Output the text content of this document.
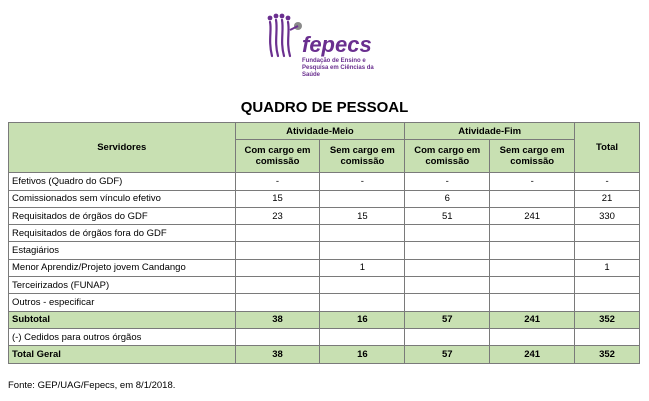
fepecs
Fundação de Ensino e Pesquisa em Ciências da Saúde
QUADRO DE PESSOAL
Servidores	Atividade-Meio		Atividade-Fim		Total
	Com cargo em comissão	Sem cargo em comissão	Com cargo em comissão	Sem cargo em comissão	
Efetivos (Quadro do GDF)	-	-	-	-	-
Comissionados sem vínculo efetivo	15		6		21
Requisitados de órgãos do GDF	23	15	51	241	330
Requisitados de órgãos fora do GDF					
Estagiários					
Menor Aprendiz/Projeto jovem Candango		1			1
Terceirizados (FUNAP)					
Outros - especificar					
Subtotal	38	16	57	241	352
(-) Cedidos para outros órgãos					
Total Geral	38	16	57	241	352
Fonte: GEP/UAG/Fepecs, em 8/1/2018.
